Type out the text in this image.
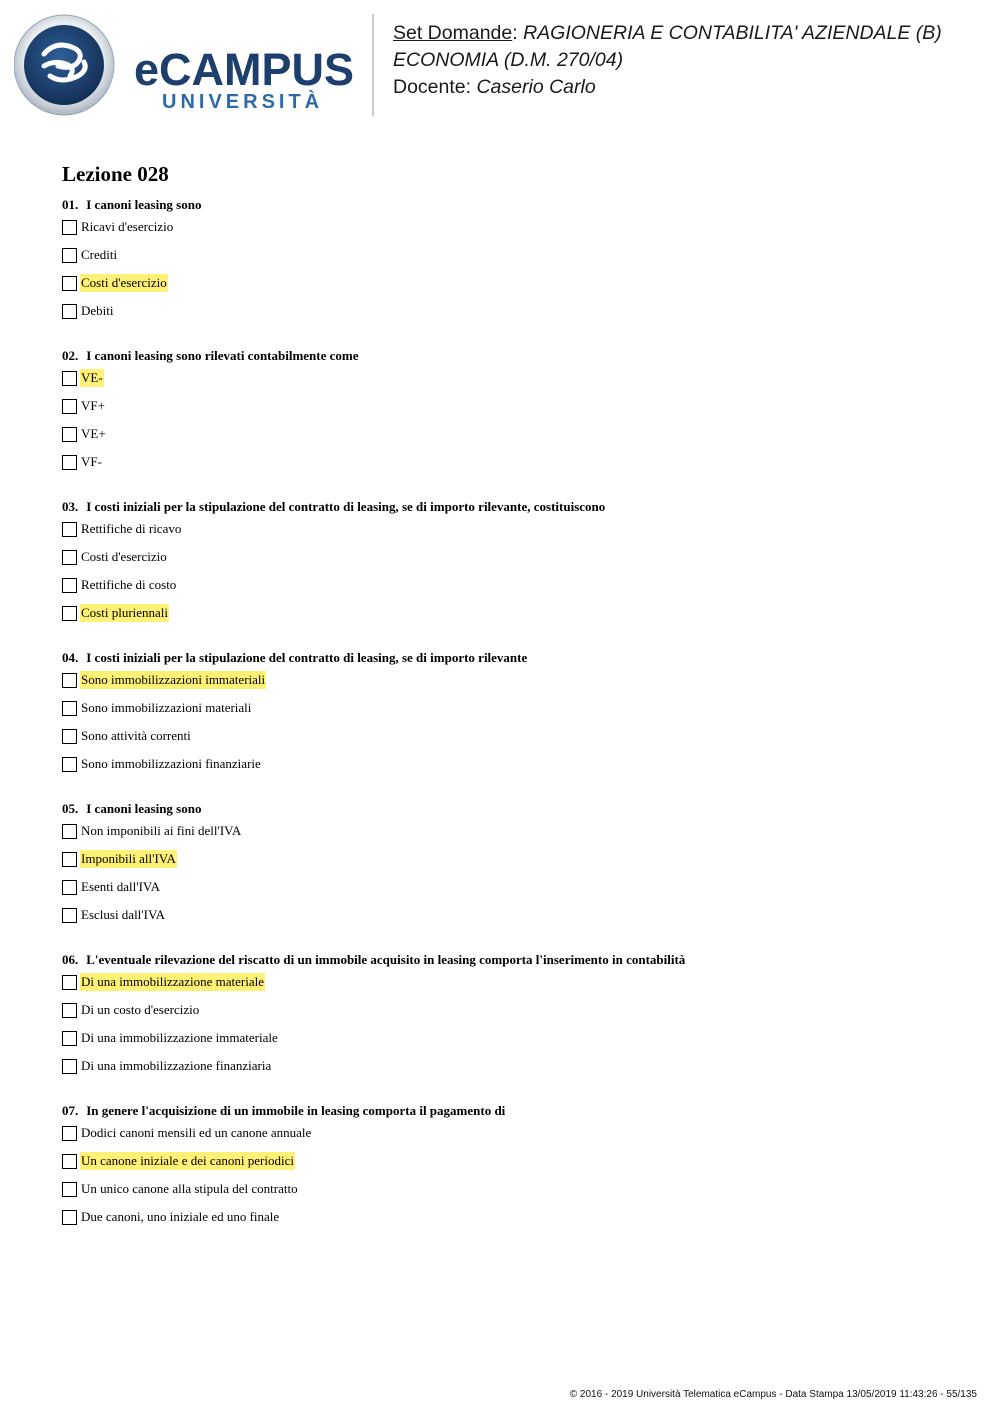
eCAMPUS
UNIVERSITÀ
Set Domande: RAGIONERIA E CONTABILITA' AZIENDALE (B)
ECONOMIA (D.M. 270/04)
Docente: Caserio Carlo
Lezione 028

01. I canoni leasing sono

Ricavi d'esercizio
Crediti
Costi d'esercizio
Debiti

02. I canoni leasing sono rilevati contabilmente come

VE-
VF+
VE+
VF-

03. I costi iniziali per la stipulazione del contratto di leasing, se di importo rilevante, costituiscono

Rettifiche di ricavo
Costi d'esercizio
Rettifiche di costo
Costi pluriennali

04. I costi iniziali per la stipulazione del contratto di leasing, se di importo rilevante

Sono immobilizzazioni immateriali
Sono immobilizzazioni materiali
Sono attività correnti
Sono immobilizzazioni finanziarie

05. I canoni leasing sono

Non imponibili ai fini dell'IVA
Imponibili all'IVA
Esenti dall'IVA
Esclusi dall'IVA

06. L'eventuale rilevazione del riscatto di un immobile acquisito in leasing comporta l'inserimento in contabilità

Di una immobilizzazione materiale
Di un costo d'esercizio
Di una immobilizzazione immateriale
Di una immobilizzazione finanziaria

07. In genere l'acquisizione di un immobile in leasing comporta il pagamento di

Dodici canoni mensili ed un canone annuale
Un canone iniziale e dei canoni periodici
Un unico canone alla stipula del contratto
Due canoni, uno iniziale ed uno finale
© 2016 - 2019 Università Telematica eCampus - Data Stampa 13/05/2019 11:43:26 - 55/135
